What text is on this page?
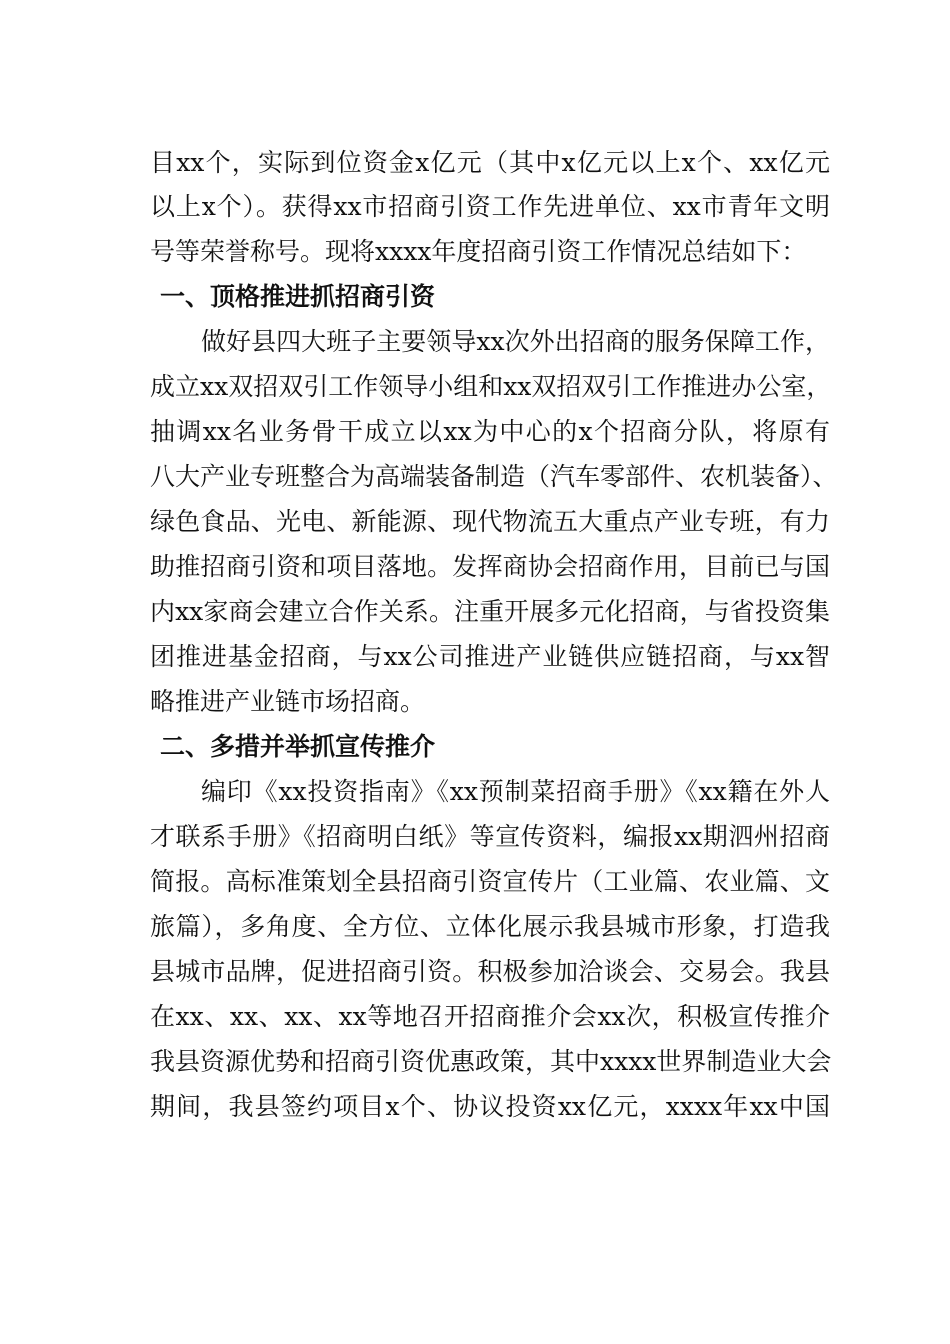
目xx个，实际到位资金x亿元（其中x亿元以上x个、xx亿元
以上x个）。获得xx市招商引资工作先进单位、xx市青年文明
号等荣誉称号。现将xxxx年度招商引资工作情况总结如下：
一、顶格推进抓招商引资
做好县四大班子主要领导xx次外出招商的服务保障工作，
成立xx双招双引工作领导小组和xx双招双引工作推进办公室，
抽调xx名业务骨干成立以xx为中心的x个招商分队，将原有
八大产业专班整合为高端装备制造（汽车零部件、农机装备）、
绿色食品、光电、新能源、现代物流五大重点产业专班，有力
助推招商引资和项目落地。发挥商协会招商作用，目前已与国
内xx家商会建立合作关系。注重开展多元化招商，与省投资集
团推进基金招商，与xx公司推进产业链供应链招商，与xx智
略推进产业链市场招商。
二、多措并举抓宣传推介
编印《xx投资指南》《xx预制菜招商手册》《xx籍在外人
才联系手册》《招商明白纸》等宣传资料，编报xx期泗州招商
简报。高标准策划全县招商引资宣传片（工业篇、农业篇、文
旅篇），多角度、全方位、立体化展示我县城市形象，打造我
县城市品牌，促进招商引资。积极参加洽谈会、交易会。我县
在xx、xx、xx、xx等地召开招商推介会xx次，积极宣传推介
我县资源优势和招商引资优惠政策，其中xxxx世界制造业大会
期间，我县签约项目x个、协议投资xx亿元，xxxx年xx中国
